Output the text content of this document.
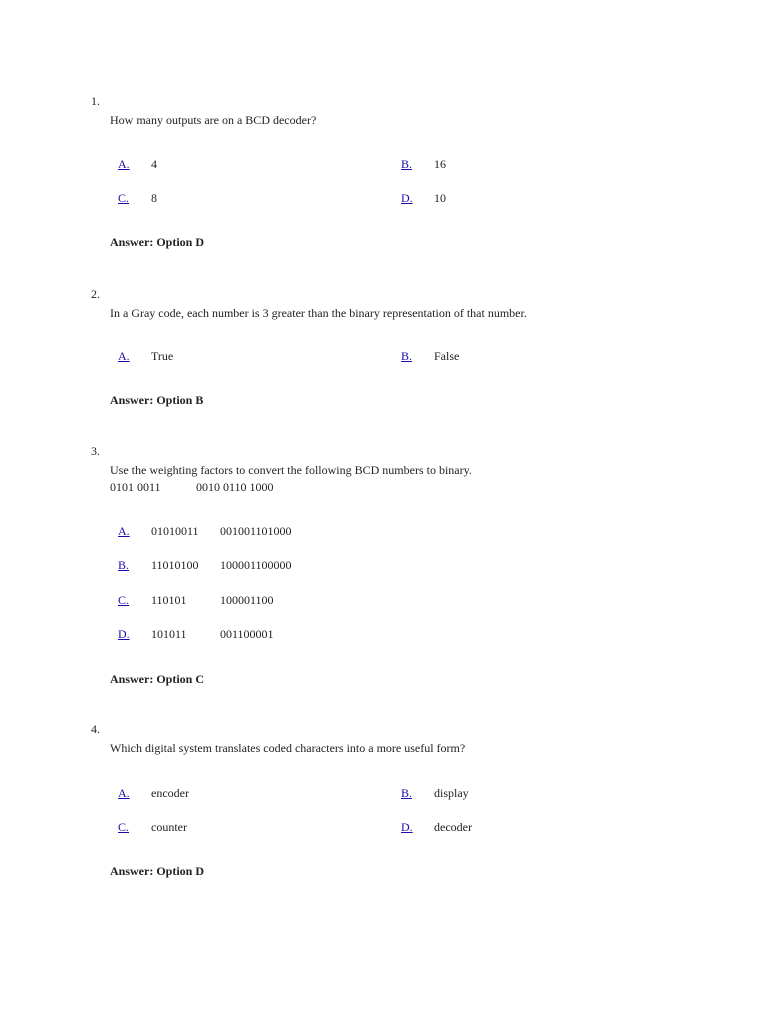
1.
How many outputs are on a BCD decoder?
A. 4	B. 16
C. 8	D. 10
Answer: Option D
2.
In a Gray code, each number is 3 greater than the binary representation of that number.
A. True	B. False
Answer: Option B
3.
Use the weighting factors to convert the following BCD numbers to binary.
0101 0011	0010 0110 1000
A. 01010011 001001101000
B. 11010100 100001100000
C. 110101	100001100
D. 101011	001100001
Answer: Option C
4.
Which digital system translates coded characters into a more useful form?
A. encoder	B. display
C. counter	D. decoder
Answer: Option D
